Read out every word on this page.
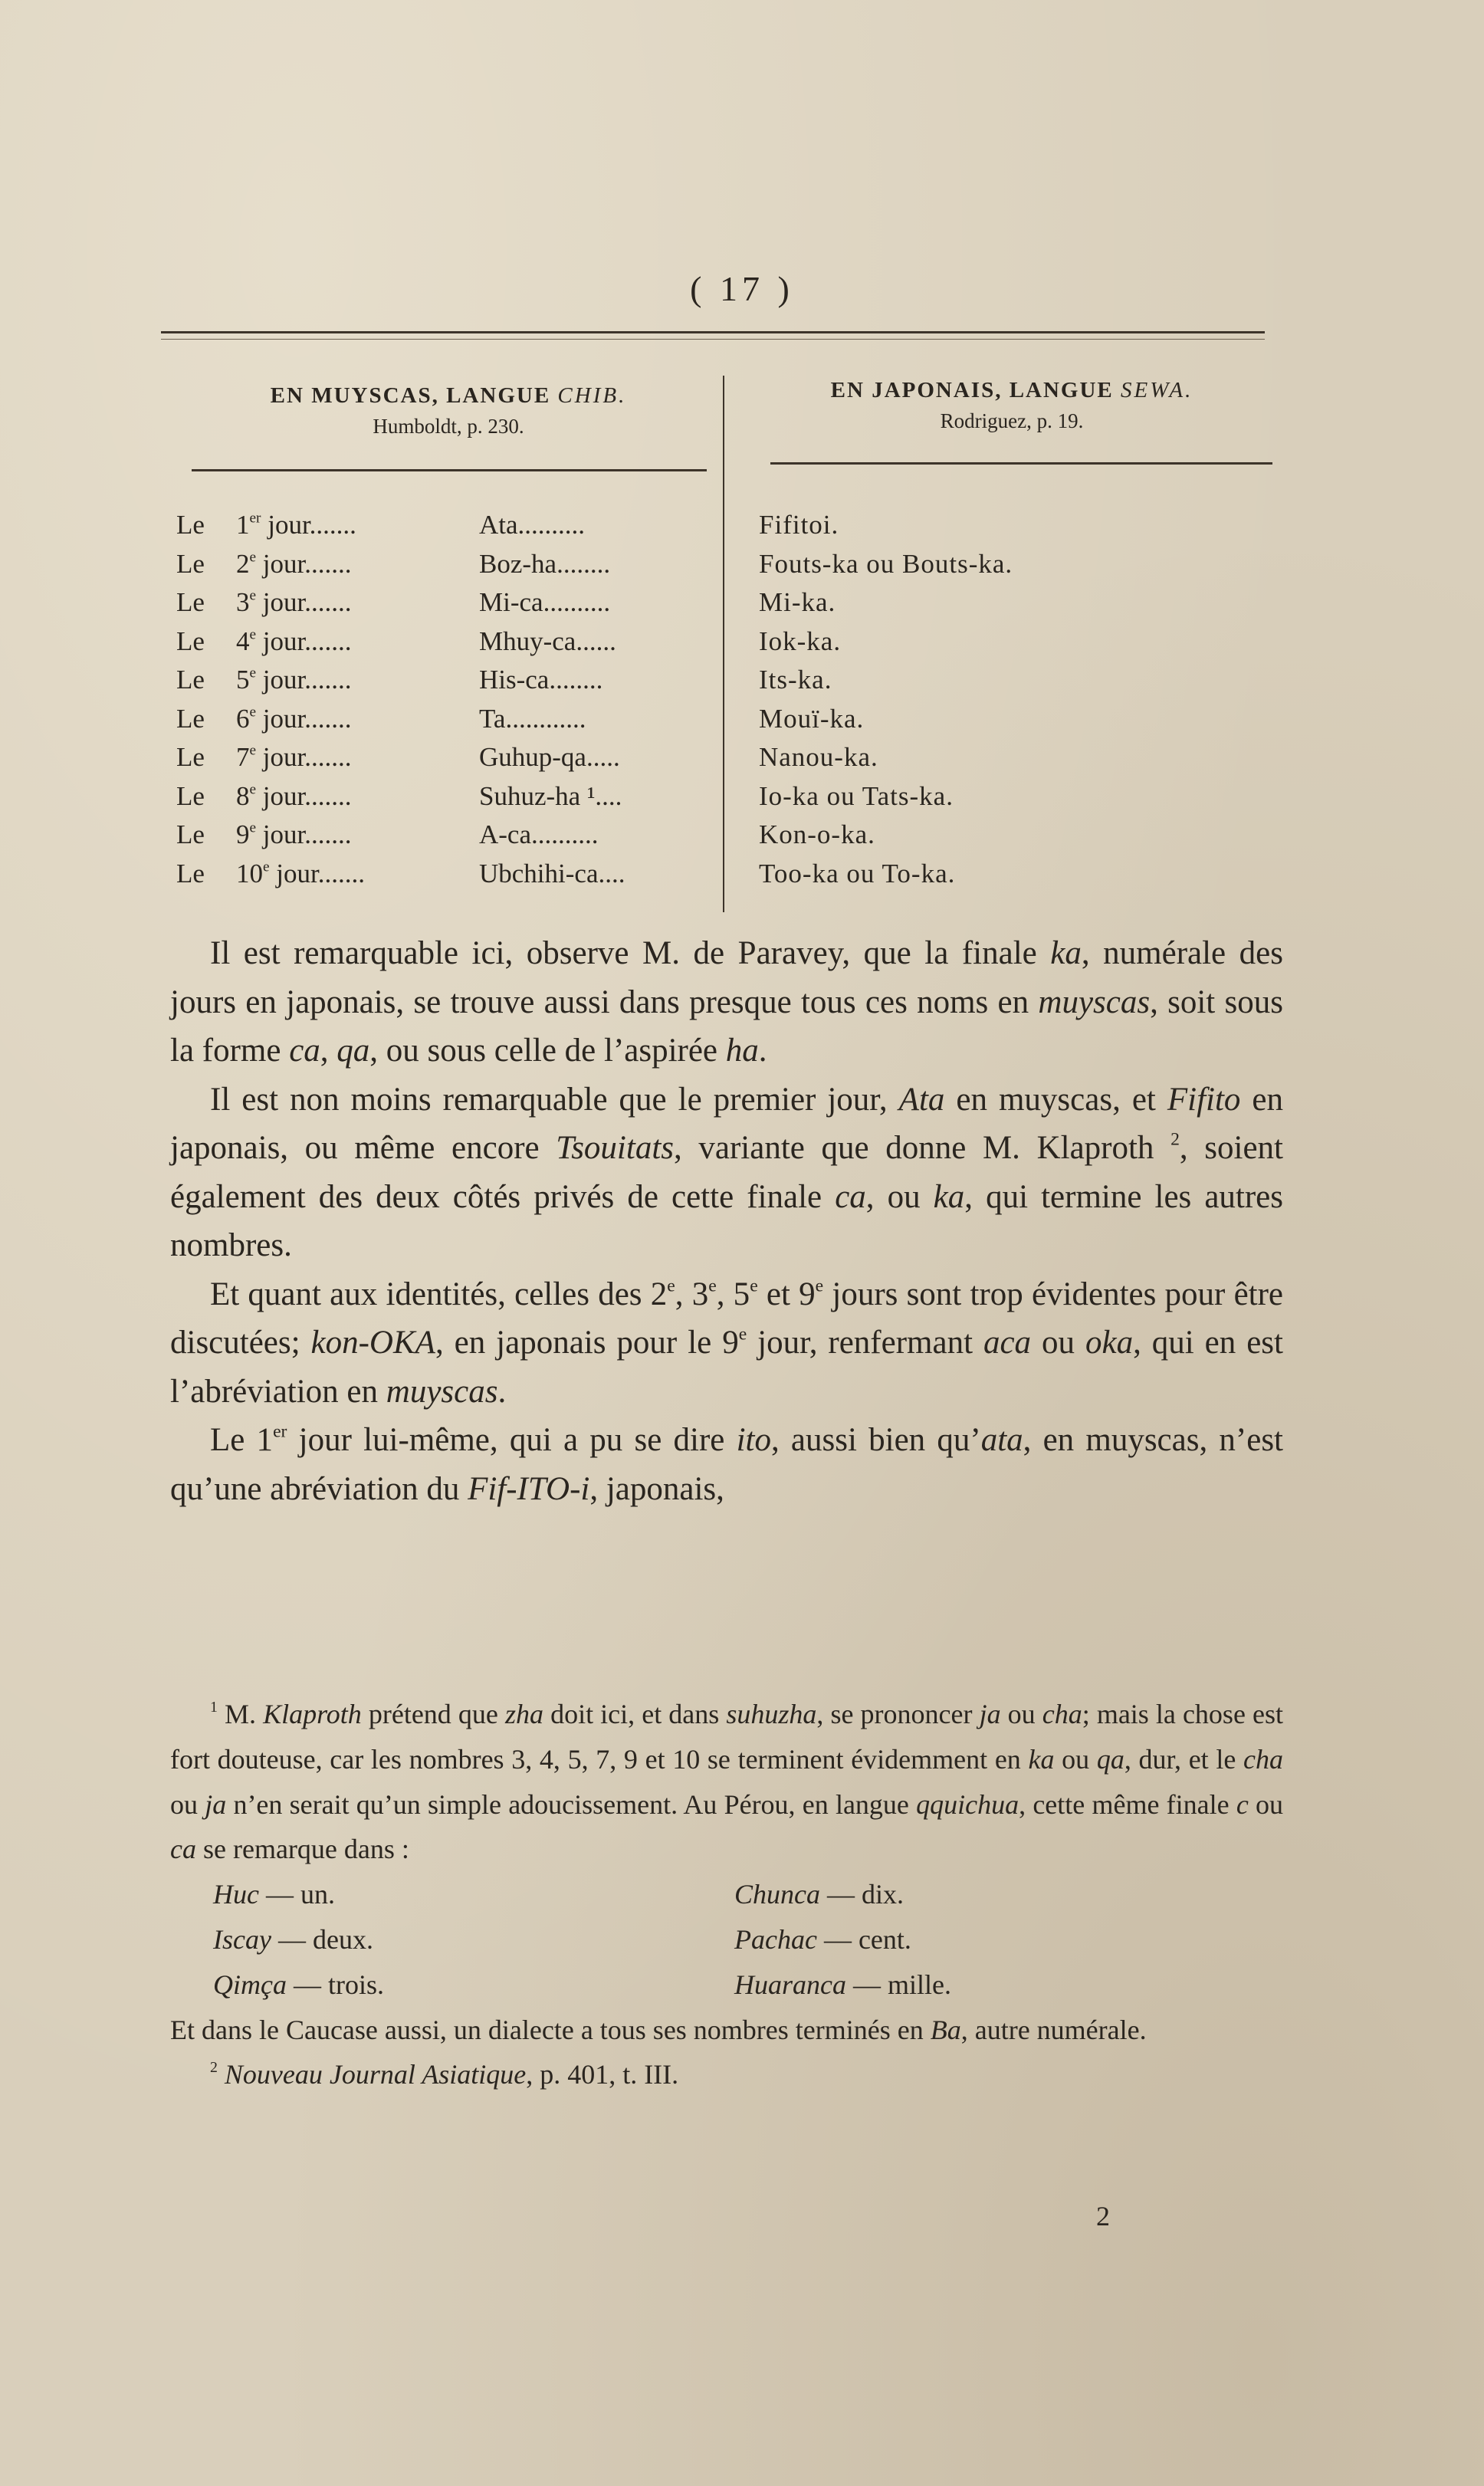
( 17 )
EN MUYSCAS, LANGUE CHIB.
Humboldt, p. 230.
EN JAPONAIS, LANGUE SEWA.
Rodriguez, p. 19.
Le 1er jour.......	Ata..........	Fifitoi.
Le 2e jour.......	Boz-ha........	Fouts-ka ou Bouts-ka.
Le 3e jour.......	Mi-ca..........	Mi-ka.
Le 4e jour.......	Mhuy-ca......	Iok-ka.
Le 5e jour.......	His-ca........	Its-ka.
Le 6e jour.......	Ta............	Mouï-ka.
Le 7e jour.......	Guhup-qa.....	Nanou-ka.
Le 8e jour.......	Suhuz-ha ¹....	Io-ka ou Tats-ka.
Le 9e jour.......	A-ca..........	Kon-o-ka.
Le 10e jour.......	Ubchihi-ca....	Too-ka ou To-ka.

Il est remarquable ici, observe M. de Paravey, que la finale ka, numérale des jours en japonais, se trouve aussi dans presque tous ces noms en muyscas, soit sous la forme ca, qa, ou sous celle de l’aspirée ha.

Il est non moins remarquable que le premier jour, Ata en muyscas, et Fifito en japonais, ou même encore Tsouitats, variante que donne M. Klaproth $^2$, soient également des deux côtés privés de cette finale ca, ou ka, qui termine les autres nombres.

Et quant aux identités, celles des 2e, 3e, 5e et 9e jours sont trop évidentes pour être discutées; kon-OKA, en japonais pour le 9e jour, renfermant aca ou oka, qui en est l’abréviation en muyscas.

Le 1er jour lui-même, qui a pu se dire ito, aussi bien qu’ata, en muyscas, n’est qu’une abréviation du Fif-ITO-i, japonais,

$^1$ M. Klaproth prétend que zha doit ici, et dans suhuzha, se prononcer ja ou cha; mais la chose est fort douteuse, car les nombres 3, 4, 5, 7, 9 et 10 se terminent évidemment en ka ou qa, dur, et le cha ou ja n’en serait qu’un simple adoucissement. Au Pérou, en langue qquichua, cette même finale c ou ca se remarque dans :

Huc — un.	Chunca — dix.
Iscay — deux.	Pachac — cent.
Qimça — trois.	Huaranca — mille.

Et dans le Caucase aussi, un dialecte a tous ses nombres terminés en Ba, autre numérale.

$^2$ Nouveau Journal Asiatique, p. 401, t. III.

2
